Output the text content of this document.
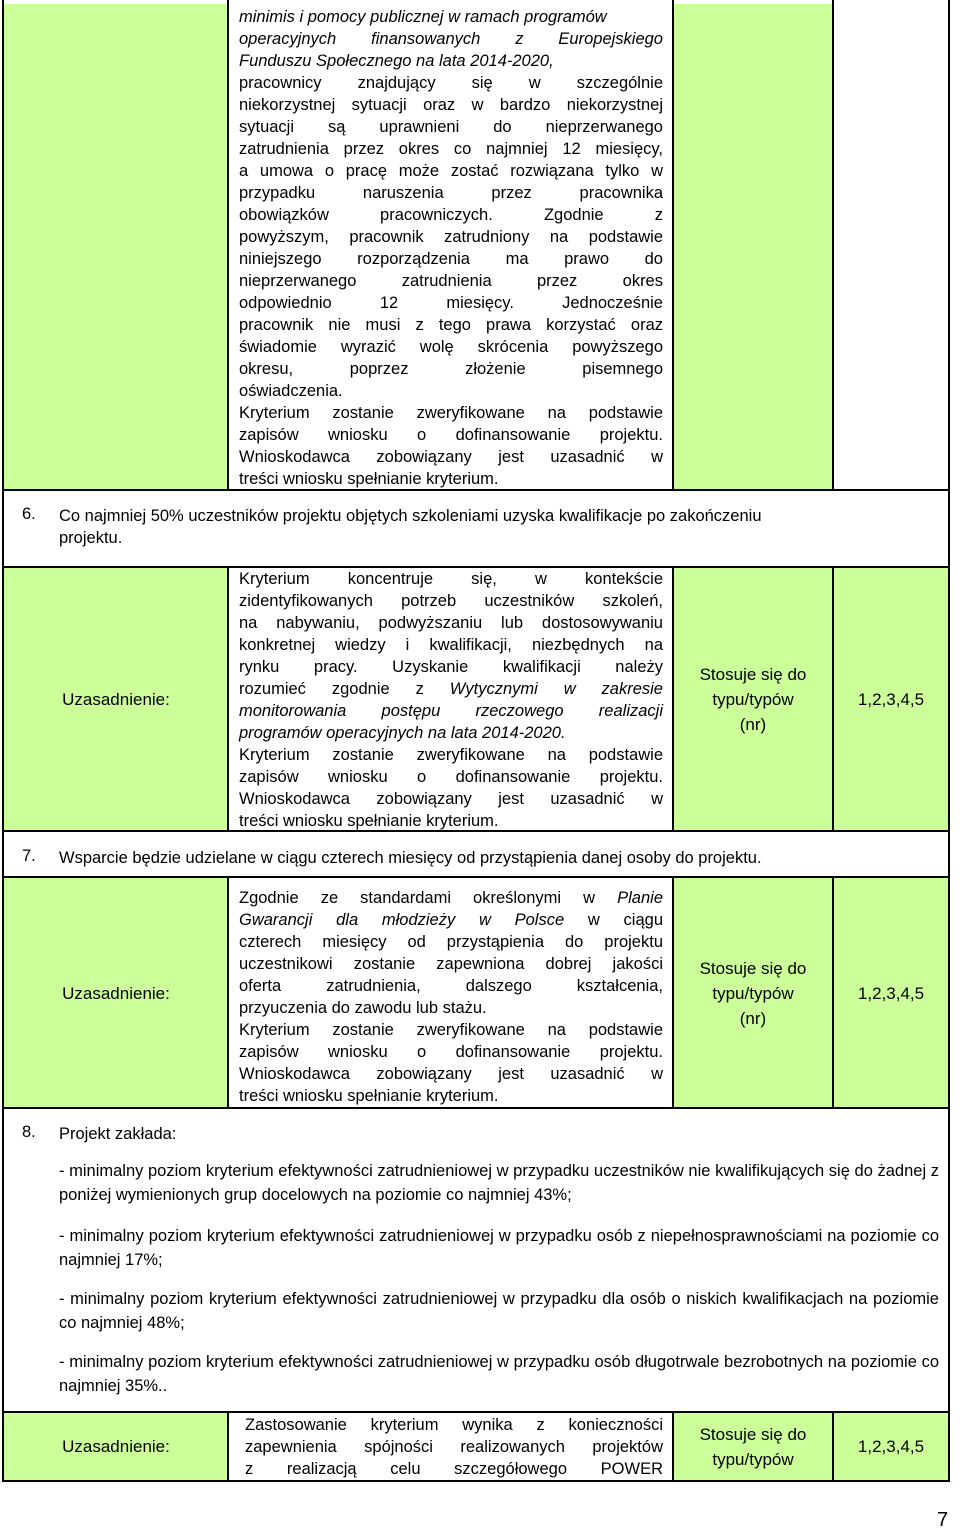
minimis i pomocy publicznej w ramach programów
operacyjnych finansowanych z Europejskiego
Funduszu Społecznego na lata 2014-2020,
pracownicy znajdujący się w szczególnie
niekorzystnej sytuacji oraz w bardzo niekorzystnej
sytuacji są uprawnieni do nieprzerwanego
zatrudnienia przez okres co najmniej 12 miesięcy,
a umowa o pracę może zostać rozwiązana tylko w
przypadku naruszenia przez pracownika
obowiązków pracowniczych. Zgodnie z
powyższym, pracownik zatrudniony na podstawie
niniejszego rozporządzenia ma prawo do
nieprzerwanego zatrudnienia przez okres
odpowiednio 12 miesięcy. Jednocześnie
pracownik nie musi z tego prawa korzystać oraz
świadomie wyrazić wolę skrócenia powyższego
okresu, poprzez złożenie pisemnego
oświadczenia.
Kryterium zostanie zweryfikowane na podstawie
zapisów wniosku o dofinansowanie projektu.
Wnioskodawca zobowiązany jest uzasadnić w
treści wniosku spełnianie kryterium.
6. Co najmniej 50% uczestników projektu objętych szkoleniami uzyska kwalifikacje po zakończeniu
projektu.
Uzasadnienie:
Kryterium koncentruje się, w kontekście
zidentyfikowanych potrzeb uczestników szkoleń,
na nabywaniu, podwyższaniu lub dostosowywaniu
konkretnej wiedzy i kwalifikacji, niezbędnych na
rynku pracy. Uzyskanie kwalifikacji należy
rozumieć zgodnie z Wytycznymi w zakresie
monitorowania postępu rzeczowego realizacji
programów operacyjnych na lata 2014-2020.
Kryterium zostanie zweryfikowane na podstawie
zapisów wniosku o dofinansowanie projektu.
Wnioskodawca zobowiązany jest uzasadnić w
treści wniosku spełnianie kryterium.
Stosuje się do
typu/typów
(nr)
1,2,3,4,5
7. Wsparcie będzie udzielane w ciągu czterech miesięcy od przystąpienia danej osoby do projektu.
Uzasadnienie:
Zgodnie ze standardami określonymi w Planie
Gwarancji dla młodzieży w Polsce w ciągu
czterech miesięcy od przystąpienia do projektu
uczestnikowi zostanie zapewniona dobrej jakości
oferta zatrudnienia, dalszego kształcenia,
przyuczenia do zawodu lub stażu.
Kryterium zostanie zweryfikowane na podstawie
zapisów wniosku o dofinansowanie projektu.
Wnioskodawca zobowiązany jest uzasadnić w
treści wniosku spełnianie kryterium.
Stosuje się do
typu/typów
(nr)
1,2,3,4,5
8. Projekt zakłada:
- minimalny poziom kryterium efektywności zatrudnieniowej w przypadku uczestników nie kwalifikujących się do żadnej z poniżej wymienionych grup docelowych na poziomie co najmniej 43%;
- minimalny poziom kryterium efektywności zatrudnieniowej w przypadku osób z niepełnosprawnościami na poziomie co najmniej 17%;
- minimalny poziom kryterium efektywności zatrudnieniowej w przypadku dla osób o niskich kwalifikacjach na poziomie co najmniej 48%;
- minimalny poziom kryterium efektywności zatrudnieniowej w przypadku osób długotrwale bezrobotnych na poziomie co najmniej 35%..
Uzasadnienie:
Zastosowanie kryterium wynika z konieczności
zapewnienia spójności realizowanych projektów
z realizacją celu szczegółowego POWER
Stosuje się do
typu/typów
1,2,3,4,5
7
